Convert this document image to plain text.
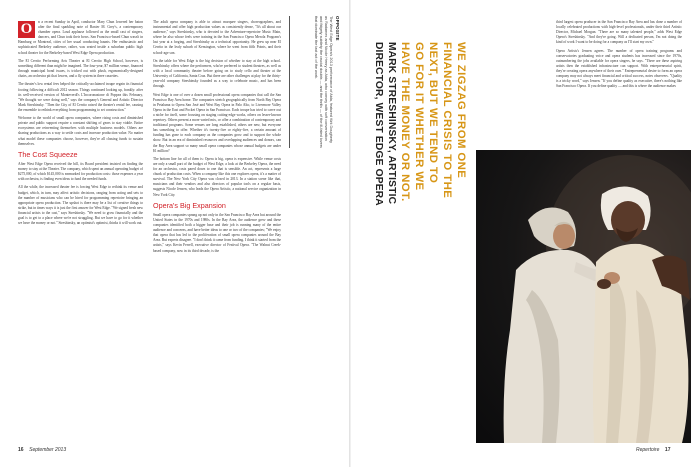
O	n a recent Sunday in April, conductor Mary Chun lowered her baton after the final sparkling note of Baxter M. Grey's, a contemporary chamber opera. Loud applause followed as the small cast of singers, dancers, and Chun took their bows. San Francisco-based Chun wasn't in Hamburg or Montreal, cities of her usual conducting haunts. Her enthusiastic and sophisticated Berkeley audience, rather, was seated inside a suburban public high school theater for the Berkeley-based West Edge Opera production.

The El Cerrito Performing Arts Theater at El Cerrito High School, however, is something different than might be imagined. The four-year, $7 million venue, financed through municipal bond issues, is tricked out with plush, ergonomically-designed chairs, an orchestra pit that lowers, and a fly system in three cassettes.

The theater's low rental fees helped the critically-acclaimed troupe regain its financial footing following a difficult 2012 season. Things continued looking up, frankly: after its well-received version of Monteverdi's L'Incoronazione di Poppea this February, "We thought we were doing well," says the company's General and Artistic Director Mark Streshinsky. "Then the City of El Cerrito raised the theater's rental fee, causing the ensemble to rethink everything from programming to set construction."

Welcome to the world of small opera companies, where rising costs and diminished private and public support require a constant shifting of gears to stay viable. Entire ecosystems are reinventing themselves with multiple business models. Others are sharing productions as a way to settle costs and increase production value. No matter what model these companies choose, however, they're all chasing funds to sustain themselves.

The Cost Squeeze

After West Edge Opera received the bill, its Board president insisted on finding the money to stay at the Theater. The company, which spent an annual operating budget of $275,000, of which $145,000 is earmarked for production costs: those expenses a year with orchestra, is finding even ideas to fund the needed funds.

All the while, the increased theater fee is forcing West Edge to rethink its venue and budget, which, in turn, may affect artistic decisions, ranging from acting and sets to the number of musicians who can be hired for programming repertoire bringing an appropriate opera production. The upshot is there may be a list of creative things to strike, but in times ways it is just the first answer for West Edge. "We signed fresh new financial artists to the cast," says Streshinsky. "We need to grow financially and the goal is to get to a place where we're not struggling. But we have to go for it whether we have the money or not." Streshinsky, an optimist's optimist, thinks it will work out.

The adult opera company is able to attract marquee singers, choreographers, and instrumental and offer high production values as consistently dense, "It's all about our audience," says Streshinsky, who is devoted to the Adventure-repertoire Music Main, where he also whose feels were training in the San Francisco Opera Merola Program's last year at a forging, and Streshinsky as a technical opportunity. He grew up near El Cerrito in the leafy suburb of Kensington, where he went from fifth Points, and their school-age son.

On the table for West Edge is the big decision of whether to stay at the high school. Streshinsky offers where the performers, who're preferred to student theatres, as well as with a local community theater before going on to study cello and theater at the University of California, Santa Cruz. But there are other challenges at play for the thirty-year-old company Streshinsky founded as a way to celebrate music, and has been through.

West Edge is one of over a dozen small professional opera companies that call the San Francisco Bay Area home. The companies stretch geographically from North Bay Opera in Petaluma to Opera San José and West Bay Opera in Palo Alto, to Livermore Valley Opera in the East and Pocket Opera in San Francisco. Each troupe has tried to carve out a niche for itself, some focusing on staging cutting-edge works, others on lesser-known repertory. Others present a more varied mix, or offer a combination of contemporary and traditional programs. Some venues are long established, others are new, but everyone has something to offer. Whether it's twenty-five or eighty-five, a certain amount of funding has gone to each company as the companies grow and to support the whole show. But in an era of diminished resources and overlapping audiences and donors, can the Bay Area support so many small opera companies whose annual budgets are under $1 million?

The bottom line for all of them is: Opera is big, opera is expensive. While venue costs are only a small part of the budget of West Edge, a look at the Berkeley Opera, the need for an orchestra, costs pared down to one that is sensible. An act, represents a large chunk of production costs. When a company like this one explores opera, it's a matter of survival. The New York City Opera was closed in 2013. In a station scene like that, musicians and their vendors and also directors of popular tools on a regular basis, suggests Nicole Jensen, who leads the Opera Artistic, a national service organization in New York City.

Opera's Big Expansion

Small opera companies sprang up not only in the San Francisco Bay Area but around the United States in the 1970s and 1980s. In the Bay Area, the audience grew and these companies identified both a bigger base and their job is running many of the entire audience and concerns, and have better ideas to one or two of the companies; "We enjoy that opera that has led to the proliferation of small opera companies around the Bay Area. But experts disagree. "I don't think it came from funding. I think it started from the artists," says Kevin Ferrell, executive director of Festival Opera. "The Walnut Creek-based company, now in its third decade, is the

OPPOSITE
The West Edge Opera's 2013 performance of Aida, featured Kirk Dougherty as Radames and Nicole Henry as Aida, who convey with soft conversation and fidgety subtlety the crucial doubts — and the thrills — of the ill-fated lovers that dominate the last act of the work.
16 September 2013
WE ZIGZAG FROM ONE
FINANCIAL CRISIS TO THE
NEXT, BUT WE TEND TO
GO FOR IT WHETHER WE
HAVE THE MONEY OR NOT.
MARK STRESHINSKY, ARTISTIC
DIRECTOR, WEST EDGE OPERA

third largest opera producer in the San Francisco Bay Area and has done a number of locally celebrated productions with high-level professionals, under their third Artistic Director, Michael Morgan. "There are so many talented people," adds West Edge Opera's Streshinsky. "And they're going. Will a dedicated person, I'm not doing the kind of work I want to be doing for a company as I'll start my own."

Opera Artists's Jensen agrees. The number of opera training programs and conservatories graduating voice and opera students has increased since the 1970s, outnumbering the jobs available for opera singers, he says. "There are these aspiring artists then the established infrastructure can support. With entrepreneurial spirit, they're creating opera anywhere of their own." Entrepreneurial desire to form an opera company may not always meet financial and critical success, notes observers. "Quality is a tricky word," says Jensen. "If you define quality as executive, there's nothing like San Francisco Opera. If you define quality — and this is where the audience makes

Repertoire 17
